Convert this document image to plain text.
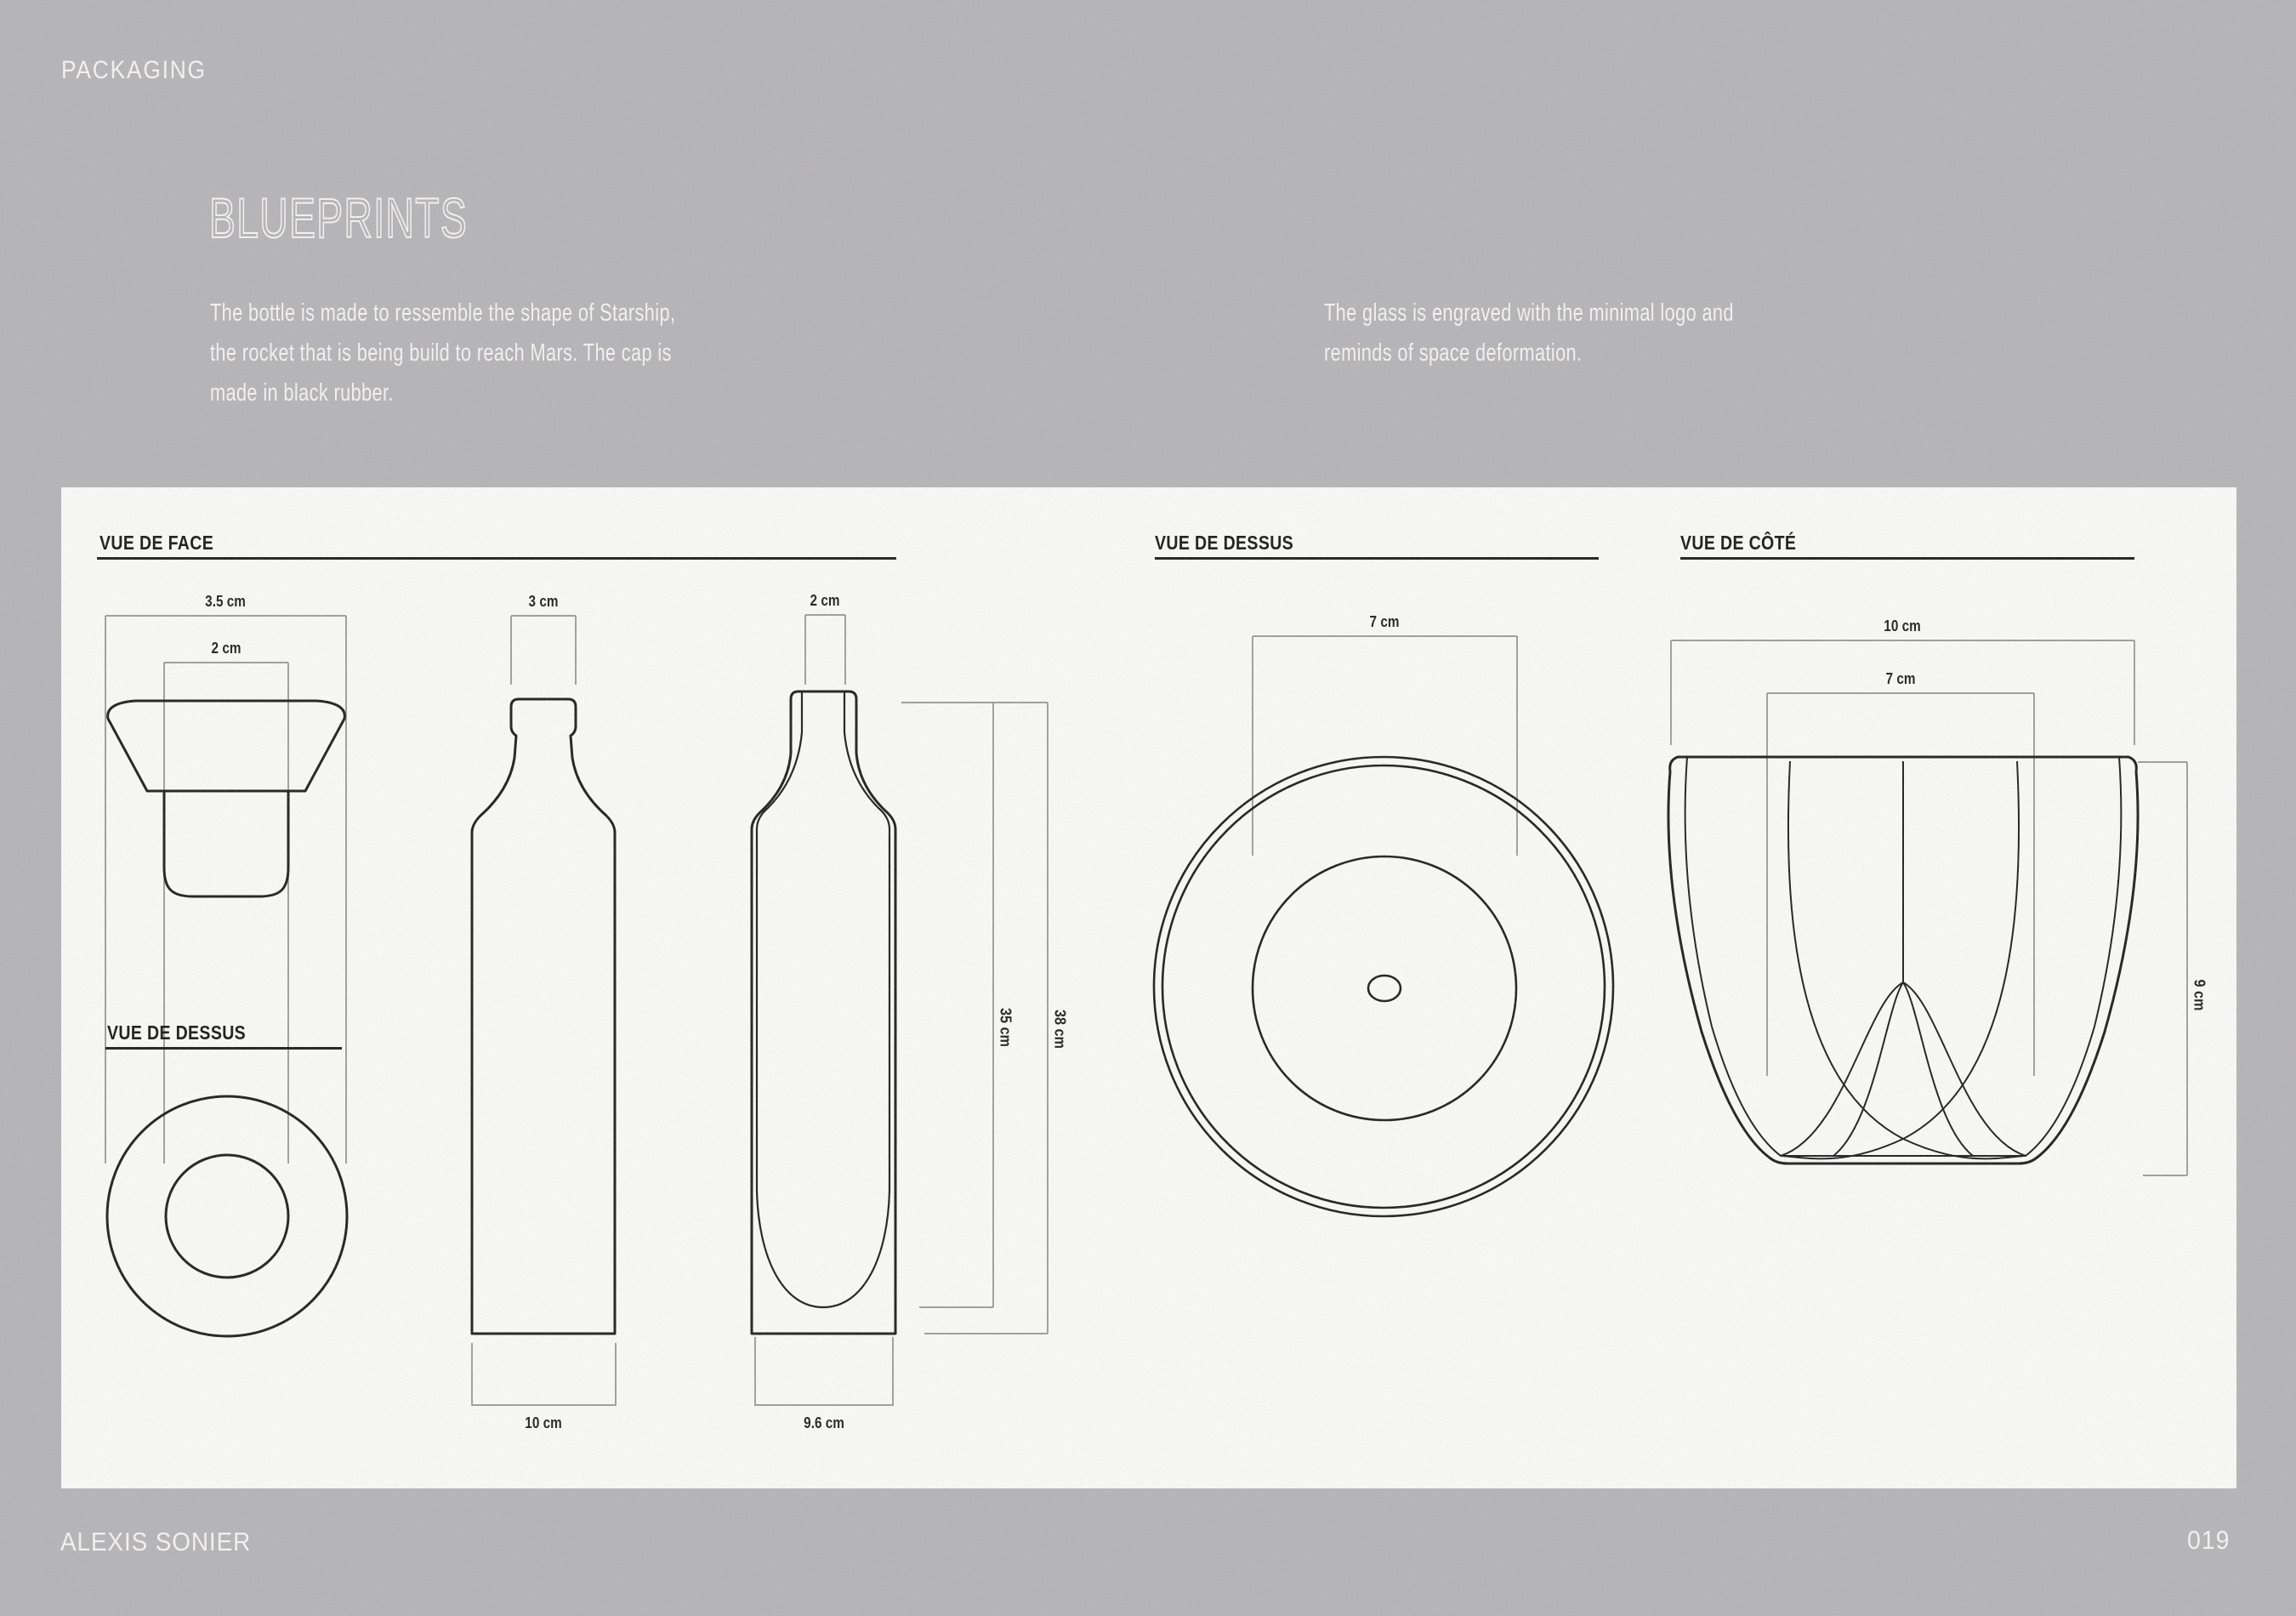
PACKAGING
BLUEPRINTS
The bottle is made to ressemble the shape of Starship,
the rocket that is being build to reach Mars. The cap is
made in black rubber.
The glass is engraved with the minimal logo and
reminds of space deformation.
VUE DE FACE
VUE DE DESSUS
VUE DE DESSUS	VUE DE CÔTÉ
3.5 cm
2 cm
3 cm	2 cm
10 cm	9.6 cm
35 cm 38 cm
7 cm	10 cm
7 cm
9 cm
ALEXIS SONIER	019
